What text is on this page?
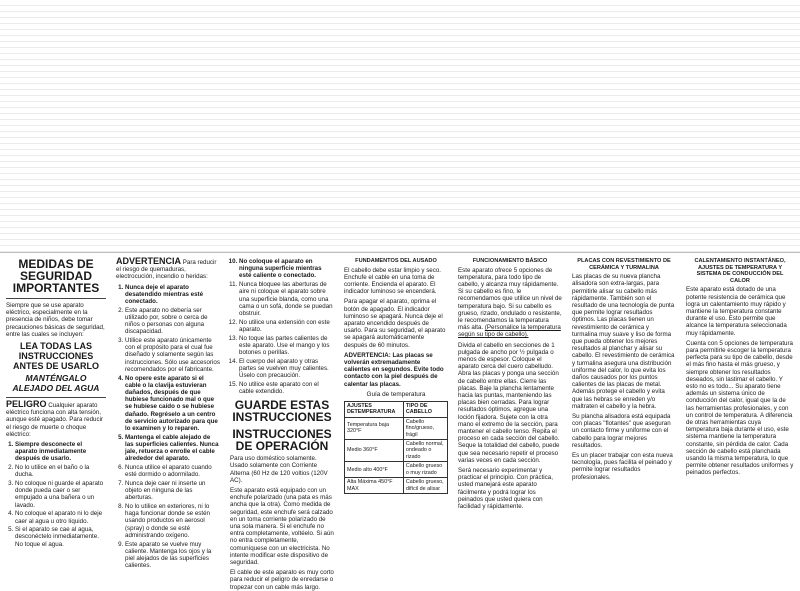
MEDIDAS DE SEGURIDAD IMPORTANTES

Siempre que se use aparato eléctrico, especialmente en la presencia de niños, debe tomar precauciones básicas de seguridad, entre las cuales se incluyen:

LEA TODAS LAS INSTRUCCIONES ANTES DE USARLO
MANTÉNGALO ALEJADO DEL AGUA

PELIGRO Cualquier aparato eléctrico funciona con alta tensión, aunque esté apagado. Para reducir el riesgo de muerte o choque eléctrico:

1. Siempre desconecte el aparato inmediatamente después de usarlo.
2. No lo utilice en el baño o la ducha.
3. No coloque ni guarde el aparato donde pueda caer o ser empujado a una bañera o un lavado.
4. No coloque el aparato ni lo deje caer al agua u otro líquido.
5. Si el aparato se cae al agua, desconéctelo inmediatamente. No toque el agua.

ADVERTENCIA Para reducir el riesgo de quemaduras, electrocución, incendio o heridas:

1. Nunca deje el aparato desatendido mientras esté conectado.
2. Este aparato no debería ser utilizado por, sobre o cerca de niños o personas con alguna discapacidad.
3. Utilice este aparato únicamente con el propósito para el cual fue diseñado y solamente según las instrucciones. Sólo use accesorios recomendados por el fabricante.
4. No opere este aparato si el cable o la clavija estuvieran dañados, después de que hubiese funcionado mal o que se hubiese caído o se hubiese dañado. Regréselo a un centro de servicio autorizado para que lo examinen y lo reparen.
5. Mantenga el cable alejado de las superficies calientes. Nunca jale, retuerza o enrolle el cable alrededor del aparato.
6. Nunca utilice el aparato cuando esté dormido o adormilado.
7. Nunca deje caer ni inserte un objeto en ninguna de las aberturas.
8. No lo utilice en exteriores, ni lo haga funcionar donde se estén usando productos en aerosol (spray) o donde se esté administrando oxígeno.
9. Este aparato se vuelve muy caliente. Mantenga los ojos y la piel alejados de las superficies calientes.
10. No coloque el aparato en ninguna superficie mientras esté caliente o conectado.
11. Nunca bloquee las aberturas de aire ni coloque el aparato sobre una superficie blanda, como una cama o un sofá, donde se puedan obstruir.
12. No utilice una extensión con este aparato.
13. No toque las partes calientes de este aparato. Use el mango y los botones o perillas.
14. El cuerpo del aparato y otras partes se vuelven muy calientes. Úselo con precaución.
15. No utilice este aparato con el cable extendido.
GUARDE ESTAS INSTRUCCIONES
INSTRUCCIONES DE OPERACIÓN

Para uso doméstico solamente. Usado solamente con Corriente Alterna (60 Hz de 120 voltios (120V AC).

Este aparato está equipado con un enchufe polarizado (una pata es más ancha que la otra). Como medida de seguridad, este enchufe será calzado en un toma corriente polarizado de una sola manera. Si el enchufe no entra completamente, voltéelo. Si aún no entra completamente, comuníquese con un electricista. No intente modificar este dispositivo de seguridad.

El cable de este aparato es muy corto para reducir el peligro de enredarse o tropezar con un cable más largo.

FUNDAMENTOS DEL AUSADO

El cabello debe estar limpio y seco. Enchufe el cable en una toma de corriente. Encienda el aparato. El indicador luminoso se encenderá.

Para apagar el aparato, oprima el botón de apagado. El indicador luminoso se apagará. Nunca deje el aparato encendido después de usarlo. Para su seguridad, el aparato se apagará automáticamente después de 60 minutos.

ADVERTENCIA: Las placas se volverán extremadamente calientes en segundos. Evite todo contacto con la piel después de calentar las placas.

Guía de temperatura
AJUSTES DETEMPERATURA	TIPO DE CABELLO
Temperatura baja 320°F	Cabello fino/grueso, frágil
Medio 360°F	Cabello normal, ondeado o rizado
Medio alto 400°F	Cabello grueso o muy rizado
Alta Máxima 450°F MAX	Cabello grueso, difícil de alisar
FUNCIONAMIENTO BÁSICO

Este aparato ofrece 5 opciones de temperatura, para todo tipo de cabello, y alcanza muy rápidamente. Si su cabello es fino, le recomendamos que utilice un nivel de temperatura bajo. Si su cabello es grueso, rizado, ondulado o resistente, le recomendamos la temperatura más alta. (Personalice la temperatura según su tipo de cabello).

Divida el cabello en secciones de 1 pulgada de ancho por ½ pulgada o menos de espesor. Coloque el aparato cerca del cuero cabelludo. Abra las placas y ponga una sección de cabello entre ellas. Cierre las placas. Baje la plancha lentamente hacia las puntas, manteniendo las placas bien cerradas. Para lograr resultados óptimos, agregue una loción fijadora. Sujete con la otra mano el extremo de la sección, para mantener el cabello tenso. Repita el proceso en cada sección del cabello. Seque la totalidad del cabello, puede que sea necesario repetir el proceso varias veces en cada sección.

Será necesario experimentar y practicar el principio. Con práctica, usted manejará este aparato fácilmente y podrá lograr los peinados que usted quiera con facilidad y rápidamente.

PLACAS CON REVESTIMIENTO DE CERÁMICA Y TURMALINA

Las placas de su nueva plancha alisadora son extra-largas, para permitirle alisar su cabello más rápidamente. También son el resultado de una tecnología de punta que permite lograr resultados óptimos. Las placas tienen un revestimiento de cerámica y turmalina muy suave y liso de forma que pueda obtener los mejores resultados al planchar y alisar su cabello. El revestimiento de cerámica y turmalina asegura una distribución uniforme del calor, lo que evita los daños causados por los puntos calientes de las placas de metal. Además protege el cabello y evita que las hebras se enreden y/o maltraten el cabello y la hebra.

Su plancha alisadora está equipada con placas "flotantes" que aseguran un contacto firme y uniforme con el cabello para lograr mejores resultados.

Es un placer trabajar con esta nueva tecnología, pues facilita el peinado y permite lograr resultados profesionales.

CALENTAMIENTO INSTANTÁNEO, AJUSTES DE TEMPERATURA Y SISTEMA DE CONDUCCIÓN DEL CALOR

Este aparato está dotado de una potente resistencia de cerámica que logra un calentamiento muy rápido y mantiene la temperatura constante durante el uso. Esto permite que alcance la temperatura seleccionada muy rápidamente.

Cuenta con 5 opciones de temperatura para permitirle escoger la temperatura perfecta para su tipo de cabello, desde el más fino hasta el más grueso, y siempre obtener los resultados deseados, sin lastimar el cabello. Y esto no es todo... Su aparato tiene además un sistema único de conducción del calor, igual que la de las herramientas profesionales, y con un control de temperatura. A diferencia de otras herramientas cuya temperatura baja durante el uso, este sistema mantiene la temperatura constante, sin pérdida de calor. Cada sección de cabello está planchada usando la misma temperatura, lo que permite obtener resultados uniformes y peinados perfectos.
